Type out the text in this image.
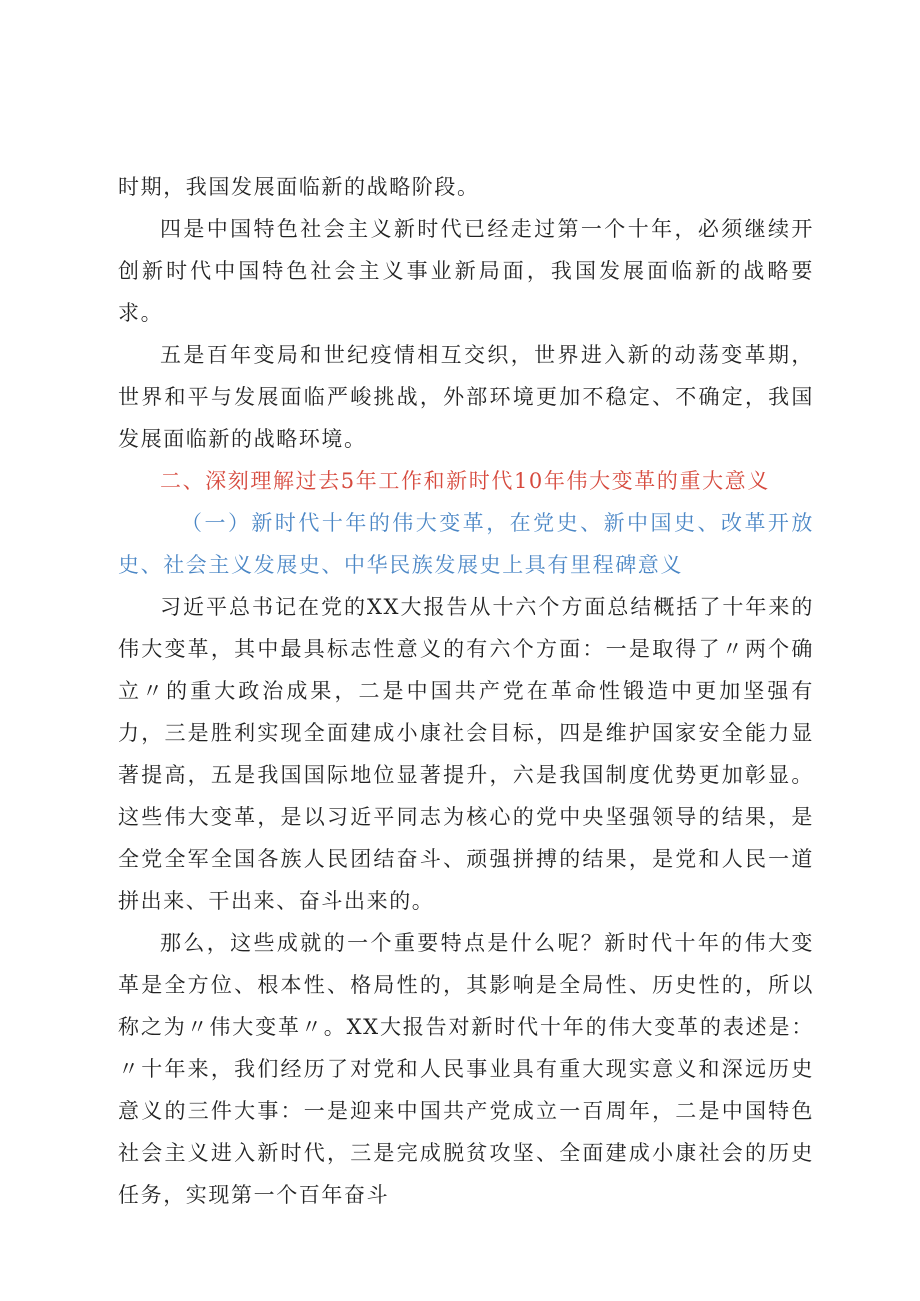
时期，我国发展面临新的战略阶段。

四是中国特色社会主义新时代已经走过第一个十年，必须继续开创新时代中国特色社会主义事业新局面，我国发展面临新的战略要求。

五是百年变局和世纪疫情相互交织，世界进入新的动荡变革期，世界和平与发展面临严峻挑战，外部环境更加不稳定、不确定，我国发展面临新的战略环境。

二、深刻理解过去5年工作和新时代10年伟大变革的重大意义

（一）新时代十年的伟大变革，在党史、新中国史、改革开放史、社会主义发展史、中华民族发展史上具有里程碑意义

习近平总书记在党的XX大报告从十六个方面总结概括了十年来的伟大变革，其中最具标志性意义的有六个方面：一是取得了〃两个确立〃的重大政治成果，二是中国共产党在革命性锻造中更加坚强有力，三是胜利实现全面建成小康社会目标，四是维护国家安全能力显著提高，五是我国国际地位显著提升，六是我国制度优势更加彰显。这些伟大变革，是以习近平同志为核心的党中央坚强领导的结果，是全党全军全国各族人民团结奋斗、顽强拼搏的结果，是党和人民一道拼出来、干出来、奋斗出来的。

那么，这些成就的一个重要特点是什么呢？新时代十年的伟大变革是全方位、根本性、格局性的，其影响是全局性、历史性的，所以称之为〃伟大变革〃。XX大报告对新时代十年的伟大变革的表述是：〃十年来，我们经历了对党和人民事业具有重大现实意义和深远历史意义的三件大事：一是迎来中国共产党成立一百周年，二是中国特色社会主义进入新时代，三是完成脱贫攻坚、全面建成小康社会的历史任务，实现第一个百年奋斗
